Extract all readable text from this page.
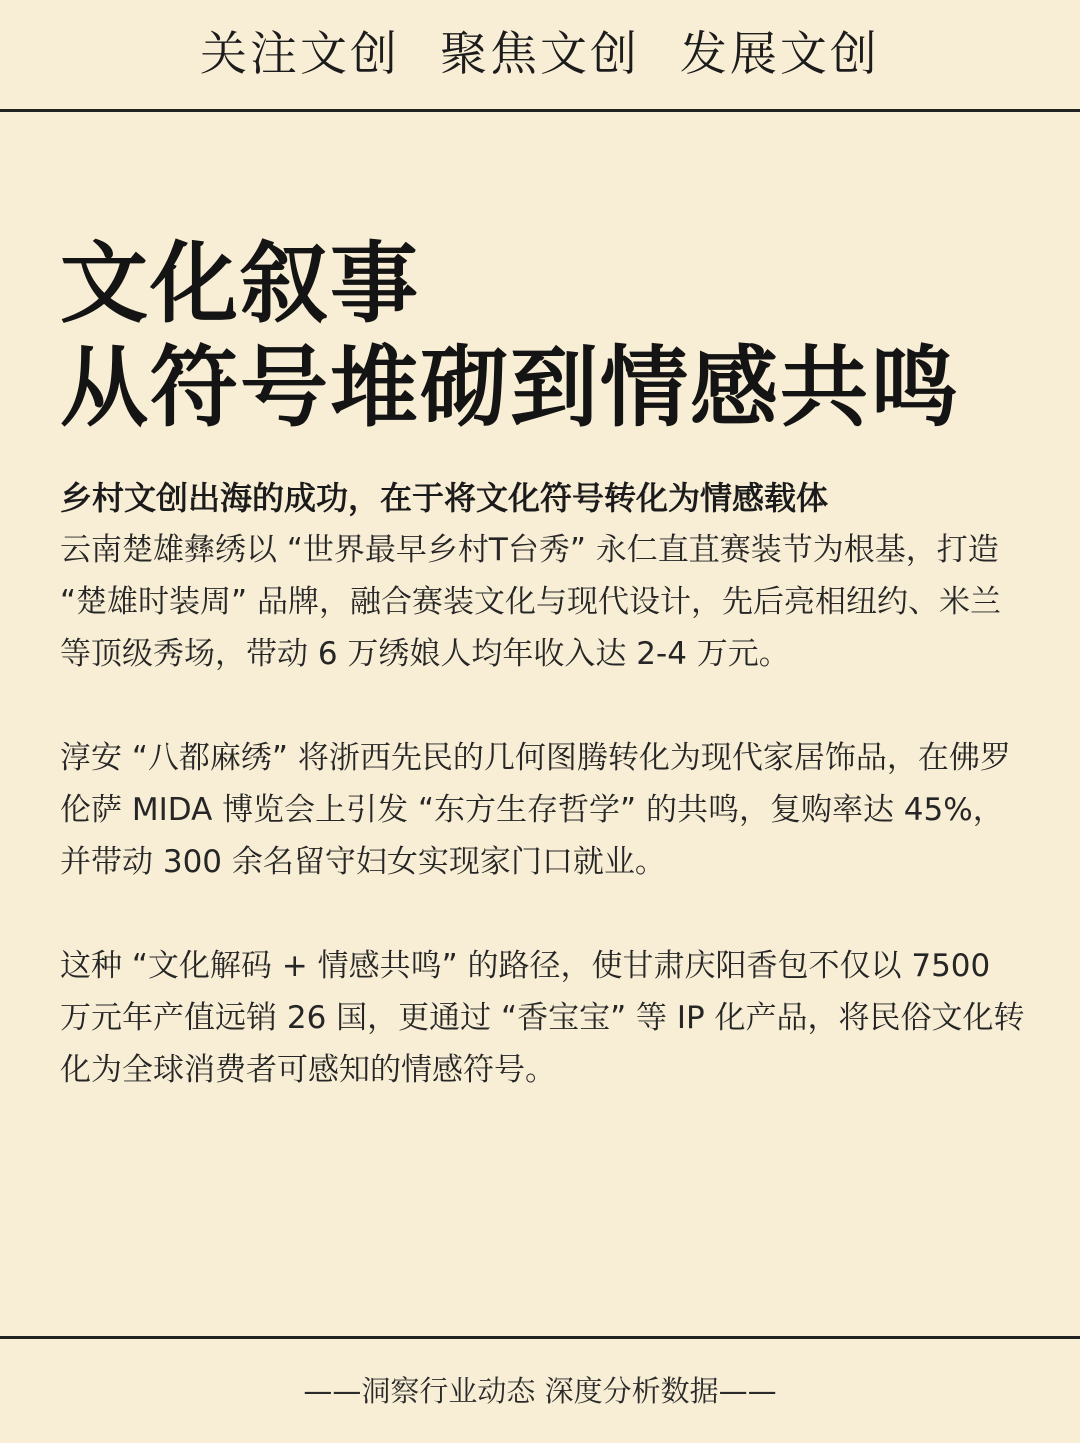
关注文创 聚焦文创 发展文创
文化叙事
从符号堆砌到情感共鸣

乡村文创出海的成功，在于将文化符号转化为情感载体

云南楚雄彝绣以 “世界最早乡村T台秀” 永仁直苴赛装节为根基，打造 “楚雄时装周” 品牌，融合赛装文化与现代设计，先后亮相纽约、米兰等顶级秀场，带动 6 万绣娘人均年收入达 2-4 万元。

淳安 “八都麻绣” 将浙西先民的几何图腾转化为现代家居饰品，在佛罗伦萨 MIDA 博览会上引发 “东方生存哲学” 的共鸣，复购率达 45%，并带动 300 余名留守妇女实现家门口就业。

这种 “文化解码 + 情感共鸣” 的路径，使甘肃庆阳香包不仅以 7500 万元年产值远销 26 国，更通过 “香宝宝” 等 IP 化产品，将民俗文化转化为全球消费者可感知的情感符号。

——洞察行业动态 深度分析数据——
